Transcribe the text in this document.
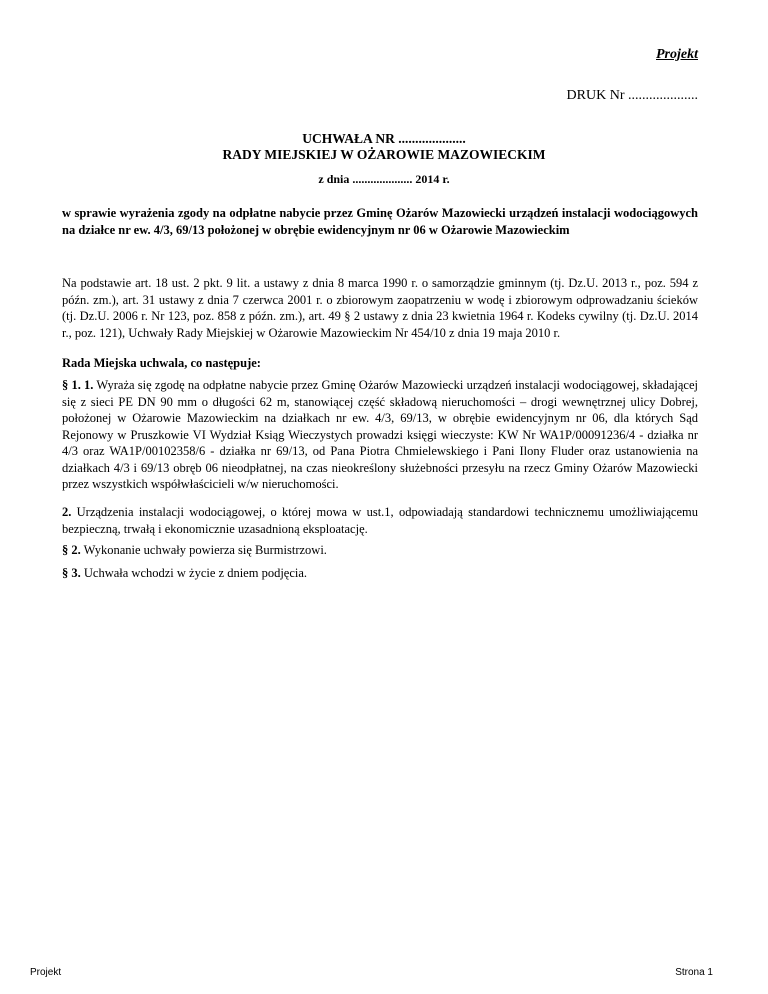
Projekt
DRUK Nr ....................
UCHWAŁA NR ....................
RADY MIEJSKIEJ W OŻAROWIE MAZOWIECKIM
z dnia .................... 2014 r.
w sprawie wyrażenia zgody na odpłatne nabycie przez Gminę Ożarów Mazowiecki urządzeń instalacji wodociągowych na działce nr ew. 4/3, 69/13 położonej w obrębie ewidencyjnym nr 06 w Ożarowie Mazowieckim
Na podstawie art. 18 ust. 2 pkt. 9 lit. a ustawy z dnia 8 marca 1990 r. o samorządzie gminnym (tj. Dz.U. 2013 r., poz. 594 z późn. zm.), art. 31 ustawy z dnia 7 czerwca 2001 r. o zbiorowym zaopatrzeniu w wodę i zbiorowym odprowadzaniu ścieków (tj. Dz.U. 2006 r. Nr 123, poz. 858 z późn. zm.), art. 49 § 2 ustawy z dnia 23 kwietnia 1964 r. Kodeks cywilny (tj. Dz.U. 2014 r., poz. 121), Uchwały Rady Miejskiej w Ożarowie Mazowieckim Nr 454/10 z dnia 19 maja 2010 r.
Rada Miejska uchwala, co następuje:
§ 1. 1. Wyraża się zgodę na odpłatne nabycie przez Gminę Ożarów Mazowiecki urządzeń instalacji wodociągowej, składającej się z sieci PE DN 90 mm o długości 62 m, stanowiącej część składową nieruchomości – drogi wewnętrznej ulicy Dobrej, położonej w Ożarowie Mazowieckim na działkach nr ew. 4/3, 69/13, w obrębie ewidencyjnym nr 06, dla których Sąd Rejonowy w Pruszkowie VI Wydział Ksiąg Wieczystych prowadzi księgi wieczyste: KW Nr WA1P/00091236/4 - działka nr 4/3 oraz WA1P/00102358/6 - działka nr 69/13, od Pana Piotra Chmielewskiego i Pani Ilony Fluder oraz ustanowienia na działkach 4/3 i 69/13 obręb 06 nieodpłatnej, na czas nieokreślony służebności przesyłu na rzecz Gminy Ożarów Mazowiecki przez wszystkich współwłaścicieli w/w nieruchomości.
2. Urządzenia instalacji wodociągowej, o której mowa w ust.1, odpowiadają standardowi technicznemu umożliwiającemu bezpieczną, trwałą i ekonomicznie uzasadnioną eksploatację.
§ 2. Wykonanie uchwały powierza się Burmistrzowi.
§ 3. Uchwała wchodzi w życie z dniem podjęcia.
Projekt	Strona 1
